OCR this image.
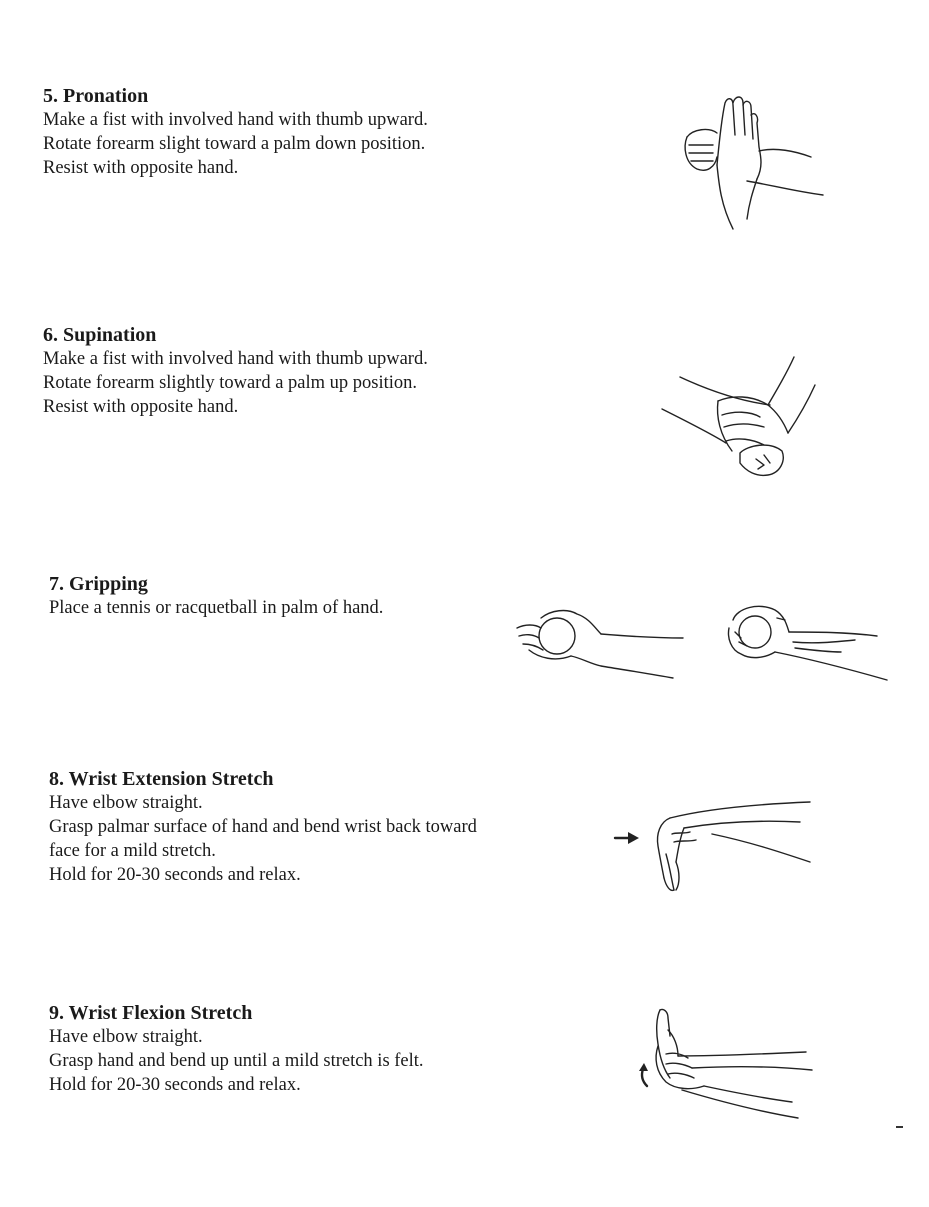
5. Pronation

Make a fist with involved hand with thumb upward.

Rotate forearm slight toward a palm down position.

Resist with opposite hand.

6. Supination

Make a fist with involved hand with thumb upward.

Rotate forearm slightly toward a palm up position.

Resist with opposite hand.

7. Gripping

Place a tennis or racquetball in palm of hand.

8. Wrist Extension Stretch

Have elbow straight.

Grasp palmar surface of hand and bend wrist back toward

face for a mild stretch.

Hold for 20-30 seconds and relax.

9. Wrist Flexion Stretch

Have elbow straight.

Grasp hand and bend up until a mild stretch is felt.

Hold for 20-30 seconds and relax.
